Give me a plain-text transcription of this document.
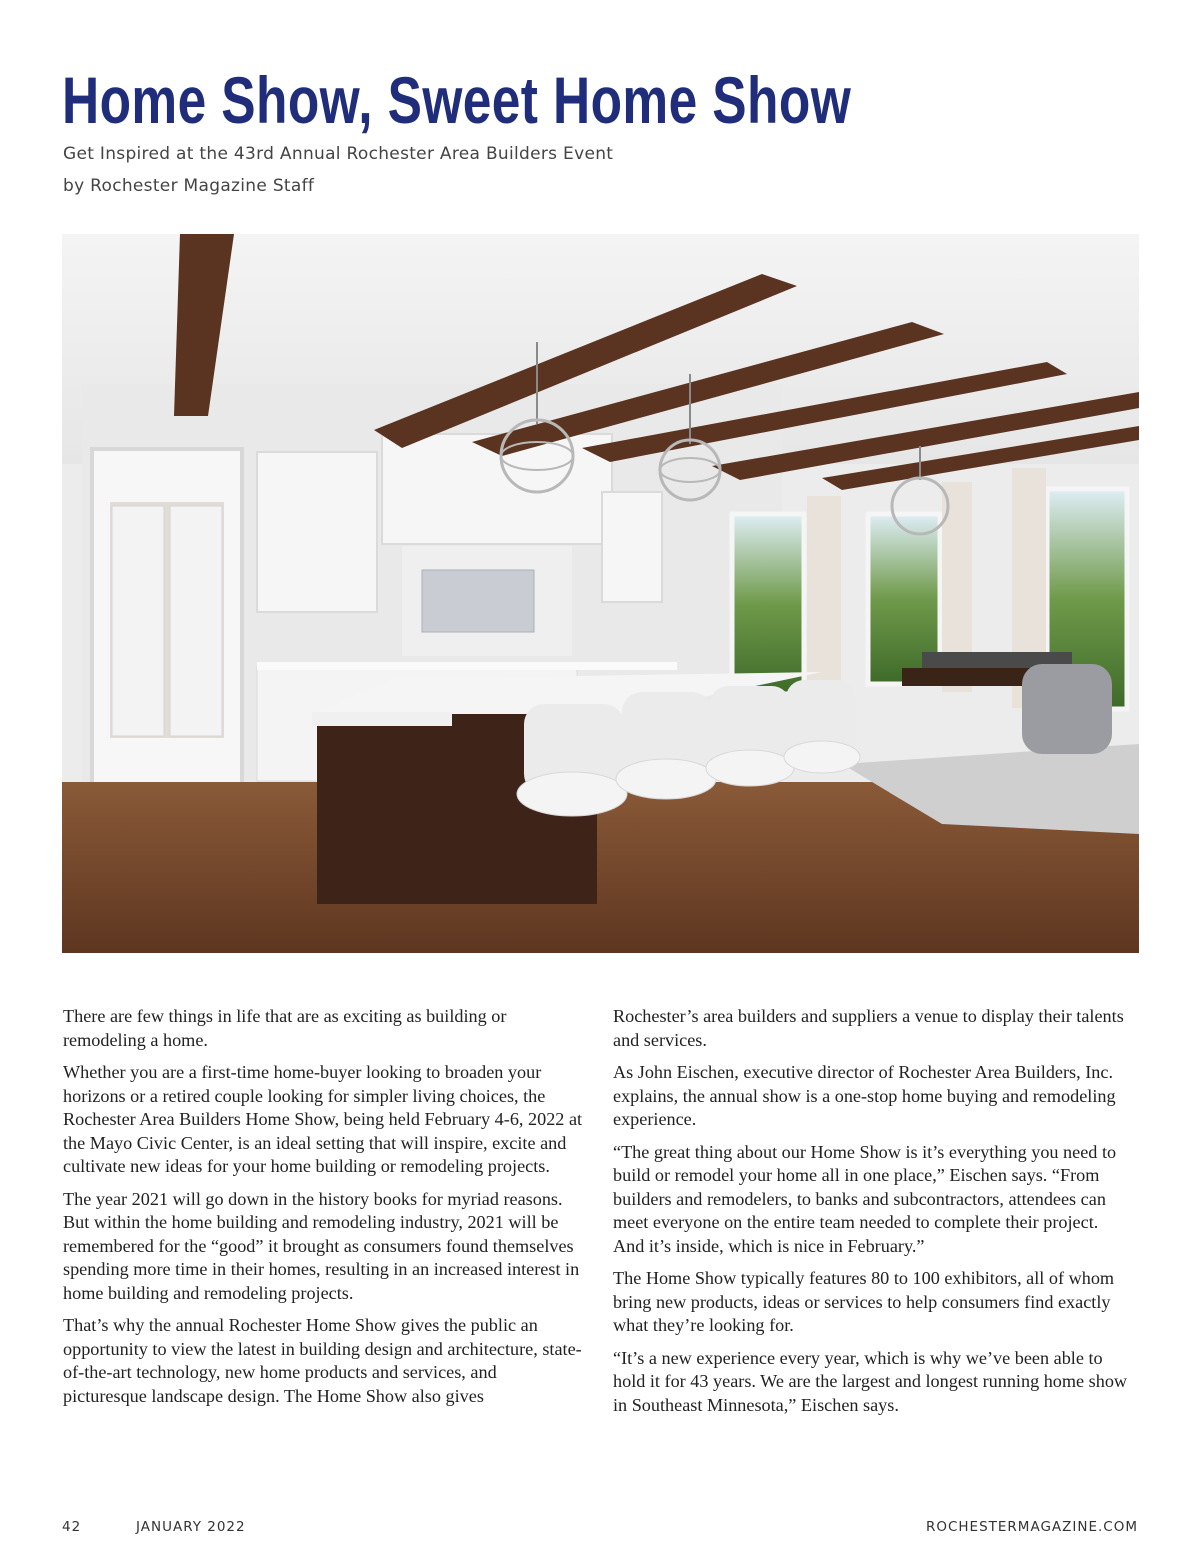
Home Show, Sweet Home Show
Get Inspired at the 43rd Annual Rochester Area Builders Event
by Rochester Magazine Staff

There are few things in life that are as exciting as building or remodeling a home.

Whether you are a first-time home-buyer looking to broaden your horizons or a retired couple looking for simpler living choices, the Rochester Area Builders Home Show, being held February 4-6, 2022 at the Mayo Civic Center, is an ideal setting that will inspire, excite and cultivate new ideas for your home building or remodeling projects.

The year 2021 will go down in the history books for myriad reasons. But within the home building and remodeling industry, 2021 will be remembered for the “good” it brought as consumers found themselves spending more time in their homes, resulting in an increased interest in home building and remodeling projects.

That’s why the annual Rochester Home Show gives the public an opportunity to view the latest in building design and architecture, state-of-the-art technology, new home products and services, and picturesque landscape design. The Home Show also gives

Rochester’s area builders and suppliers a venue to display their talents and services.

As John Eischen, executive director of Rochester Area Builders, Inc. explains, the annual show is a one-stop home buying and remodeling experience.

“The great thing about our Home Show is it’s everything you need to build or remodel your home all in one place,” Eischen says. “From builders and remodelers, to banks and subcontractors, attendees can meet everyone on the entire team needed to complete their project. And it’s inside, which is nice in February.”

The Home Show typically features 80 to 100 exhibitors, all of whom bring new products, ideas or services to help consumers find exactly what they’re looking for.

“It’s a new experience every year, which is why we’ve been able to hold it for 43 years. We are the largest and longest running home show in Southeast Minnesota,” Eischen says.

42	JANUARY 2022	ROCHESTERMAGAZINE.COM
